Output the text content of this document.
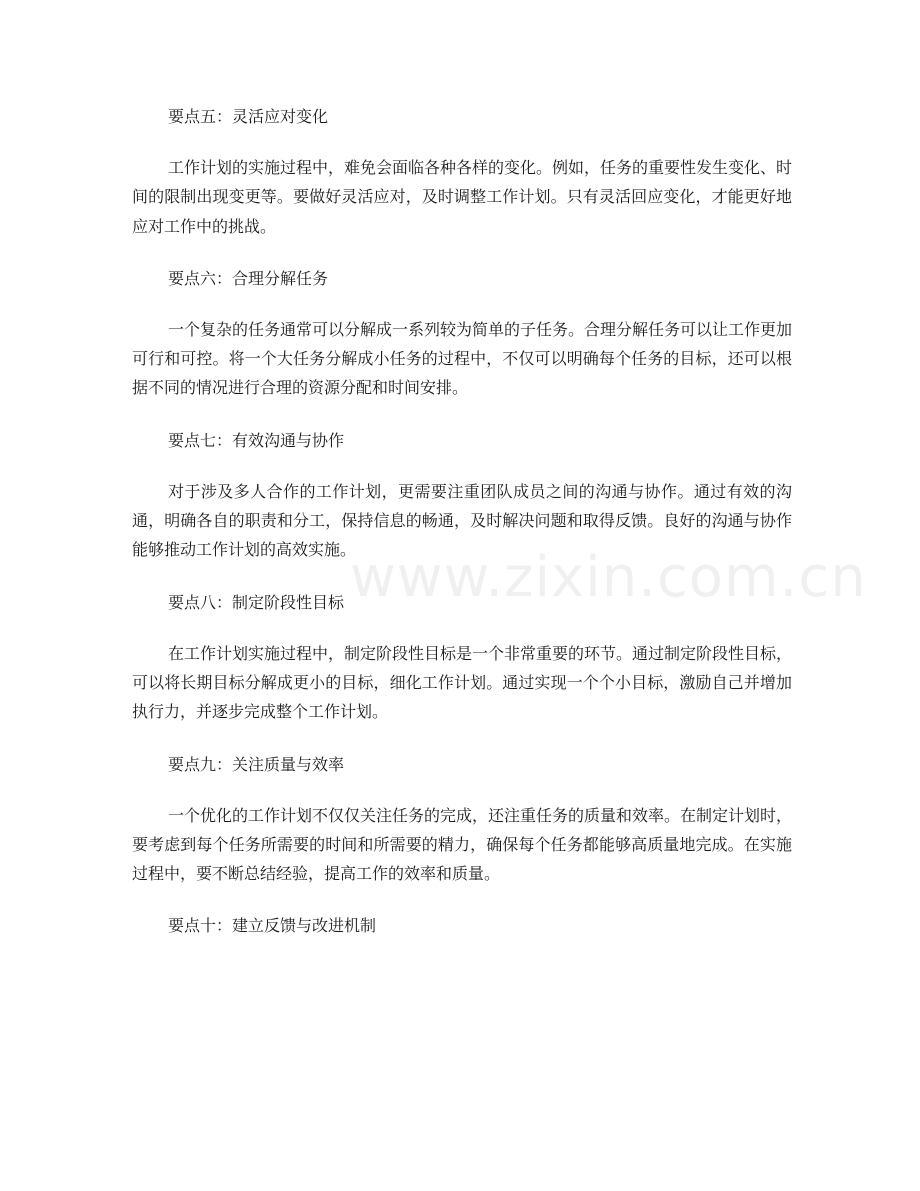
要点五：灵活应对变化

工作计划的实施过程中，难免会面临各种各样的变化。例如，任务的重要性发生变化、时间的限制出现变更等。要做好灵活应对，及时调整工作计划。只有灵活回应变化，才能更好地应对工作中的挑战。

要点六：合理分解任务

一个复杂的任务通常可以分解成一系列较为简单的子任务。合理分解任务可以让工作更加可行和可控。将一个大任务分解成小任务的过程中，不仅可以明确每个任务的目标，还可以根据不同的情况进行合理的资源分配和时间安排。

要点七：有效沟通与协作

对于涉及多人合作的工作计划，更需要注重团队成员之间的沟通与协作。通过有效的沟通，明确各自的职责和分工，保持信息的畅通，及时解决问题和取得反馈。良好的沟通与协作能够推动工作计划的高效实施。

要点八：制定阶段性目标

在工作计划实施过程中，制定阶段性目标是一个非常重要的环节。通过制定阶段性目标，可以将长期目标分解成更小的目标，细化工作计划。通过实现一个个小目标，激励自己并增加执行力，并逐步完成整个工作计划。

要点九：关注质量与效率

一个优化的工作计划不仅仅关注任务的完成，还注重任务的质量和效率。在制定计划时，要考虑到每个任务所需要的时间和所需要的精力，确保每个任务都能够高质量地完成。在实施过程中，要不断总结经验，提高工作的效率和质量。

要点十：建立反馈与改进机制
www.zixin.com.cn
